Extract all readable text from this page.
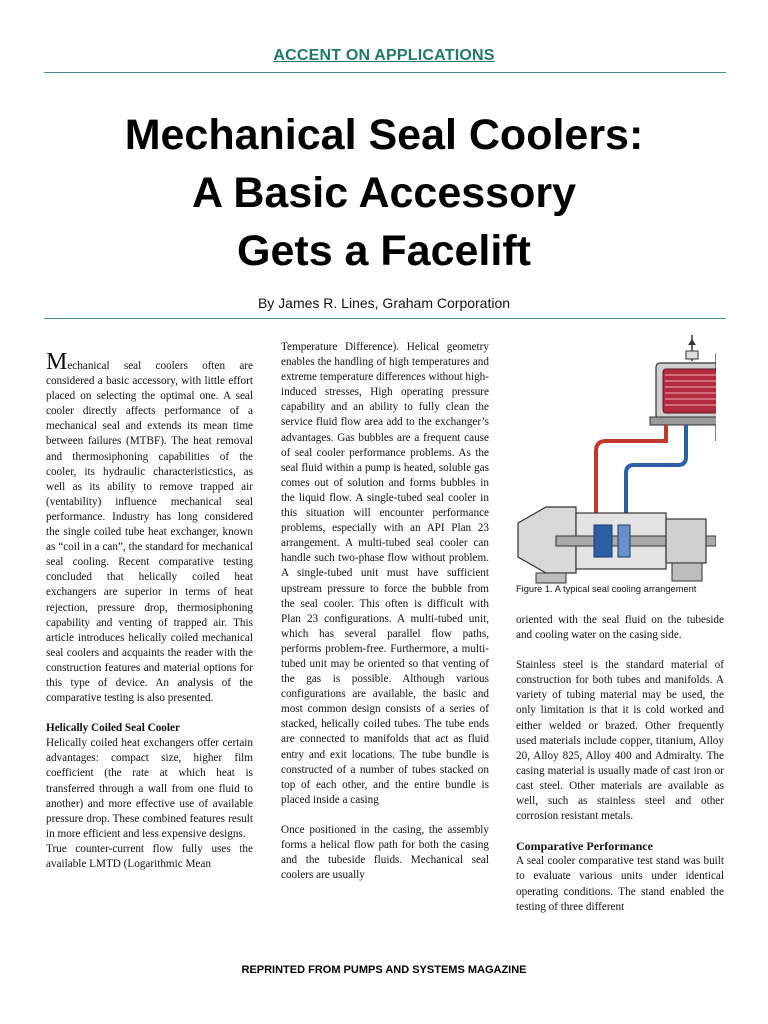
ACCENT ON APPLICATIONS
Mechanical Seal Coolers:
A Basic Accessory
Gets a Facelift
By James R. Lines, Graham Corporation

Mechanical seal coolers often are considered a basic accessory, with little effort placed on selecting the optimal one. A seal cooler directly affects performance of a mechanical seal and extends its mean time between failures (MTBF). The heat removal and thermosiphoning capabilities of the cooler, its hydraulic characteristicstics, as well as its ability to remove trapped air (ventability) influence mechanical seal performance. Industry has long considered the single coiled tube heat exchanger, known as “coil in a can”, the standard for mechanical seal cooling. Recent comparative testing concluded that helically coiled heat exchangers are superior in terms of heat rejection, pressure drop, thermosiphoning capability and venting of trapped air. This article introduces helically coiled mechanical seal coolers and acquaints the reader with the construction features and material options for this type of device. An analysis of the comparative testing is also presented.

Helically Coiled Seal Cooler

Helically coiled heat exchangers offer certain advantages: compact size, higher film coefficient (the rate at which heat is transferred through a wall from one fluid to another) and more effective use of available pressure drop. These combined features result in more efficient and less expensive designs.

True counter-current flow fully uses the available LMTD (Logarithmic Mean

Temperature Difference). Helical geometry enables the handling of high temperatures and extreme temperature differences without high-induced stresses, High operating pressure capability and an ability to fully clean the service fluid flow area add to the exchanger’s advantages. Gas bubbles are a frequent cause of seal cooler performance problems. As the seal fluid within a pump is heated, soluble gas comes out of solution and forms bubbles in the liquid flow. A single-tubed seal cooler in this situation will encounter performance problems, especially with an API Plan 23 arrangement. A multi-tubed seal cooler can handle such two-phase flow without problem. A single-tubed unit must have sufficient upstream pressure to force the bubble from the seal cooler. This often is difficult with Plan 23 configurations. A multi-tubed unit, which has several parallel flow paths, performs problem-free. Furthermore, a multi-tubed unit may be oriented so that venting of the gas is possible. Although various configurations are available, the basic and most common design consists of a series of stacked, helically coiled tubes. The tube ends are connected to manifolds that act as fluid entry and exit locations. The tube bundle is constructed of a number of tubes stacked on top of each other, and the entire bundle is placed inside a casing

Once positioned in the casing, the assembly forms a helical flow path for both the casing and the tubeside fluids. Mechanical seal coolers are usually

Figure 1. A typical seal cooling arrangement

oriented with the seal fluid on the tubeside and cooling water on the casing side.

Stainless steel is the standard material of construction for both tubes and manifolds. A variety of tubing material may be used, the only limitation is that it is cold worked and either welded or brazed. Other frequently used materials include copper, titanium, Alloy 20, Alloy 825, Alloy 400 and Admiralty. The casing material is usually made of cast iron or cast steel. Other materials are available as well, such as stainless steel and other corrosion resistant metals.

Comparative Performance

A seal cooler comparative test stand was built to evaluate various units under identical operating conditions. The stand enabled the testing of three different

REPRINTED FROM PUMPS AND SYSTEMS MAGAZINE
